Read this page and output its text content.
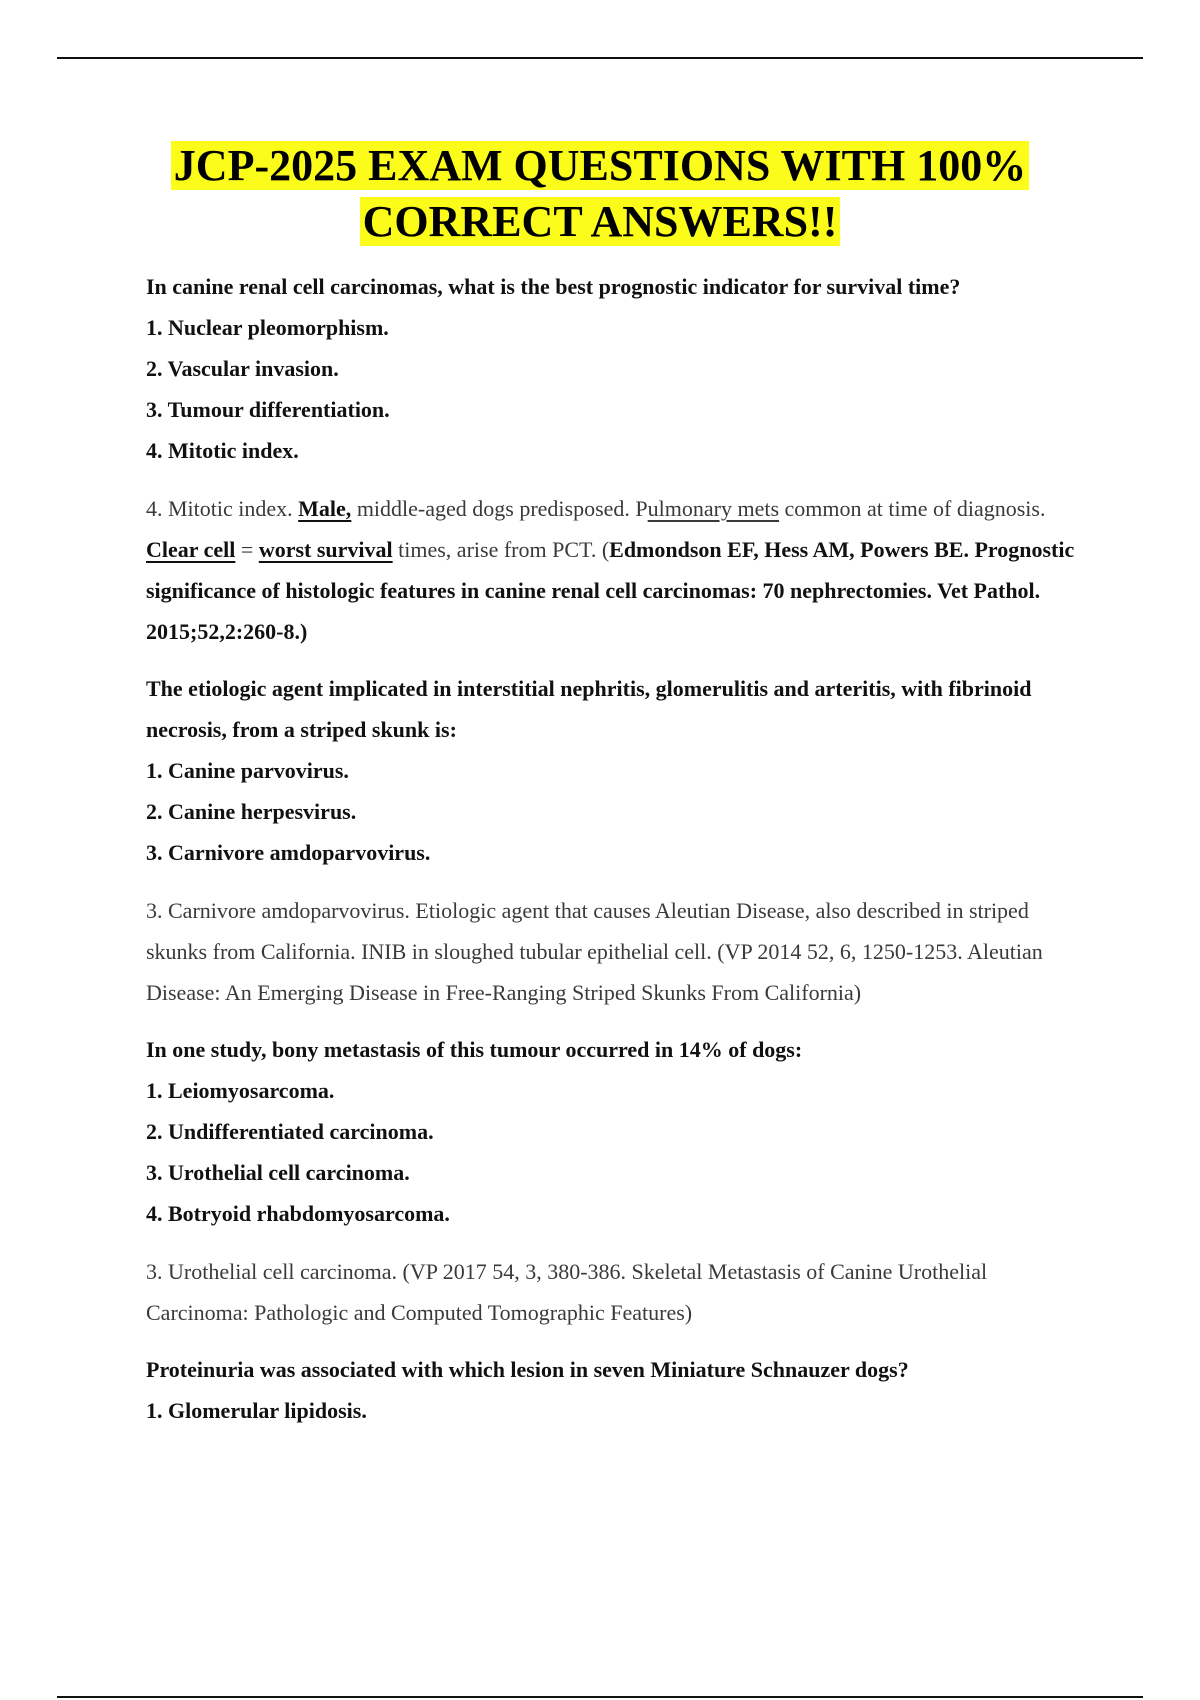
JCP-2025 EXAM QUESTIONS WITH 100%
CORRECT ANSWERS!!

In canine renal cell carcinomas, what is the best prognostic indicator for survival time?

1. Nuclear pleomorphism.

2. Vascular invasion.

3. Tumour differentiation.

4. Mitotic index.

4. Mitotic index. Male, middle-aged dogs predisposed. Pulmonary mets common at time of diagnosis. Clear cell = worst survival times, arise from PCT. (Edmondson EF, Hess AM, Powers BE. Prognostic significance of histologic features in canine renal cell carcinomas: 70 nephrectomies. Vet Pathol. 2015;52,2:260-8.)

The etiologic agent implicated in interstitial nephritis, glomerulitis and arteritis, with fibrinoid necrosis, from a striped skunk is:

1. Canine parvovirus.

2. Canine herpesvirus.

3. Carnivore amdoparvovirus.

3. Carnivore amdoparvovirus. Etiologic agent that causes Aleutian Disease, also described in striped skunks from California. INIB in sloughed tubular epithelial cell. (VP 2014 52, 6, 1250-1253. Aleutian Disease: An Emerging Disease in Free-Ranging Striped Skunks From California)

In one study, bony metastasis of this tumour occurred in 14% of dogs:

1. Leiomyosarcoma.

2. Undifferentiated carcinoma.

3. Urothelial cell carcinoma.

4. Botryoid rhabdomyosarcoma.

3. Urothelial cell carcinoma. (VP 2017 54, 3, 380-386. Skeletal Metastasis of Canine Urothelial Carcinoma: Pathologic and Computed Tomographic Features)

Proteinuria was associated with which lesion in seven Miniature Schnauzer dogs?

1. Glomerular lipidosis.
